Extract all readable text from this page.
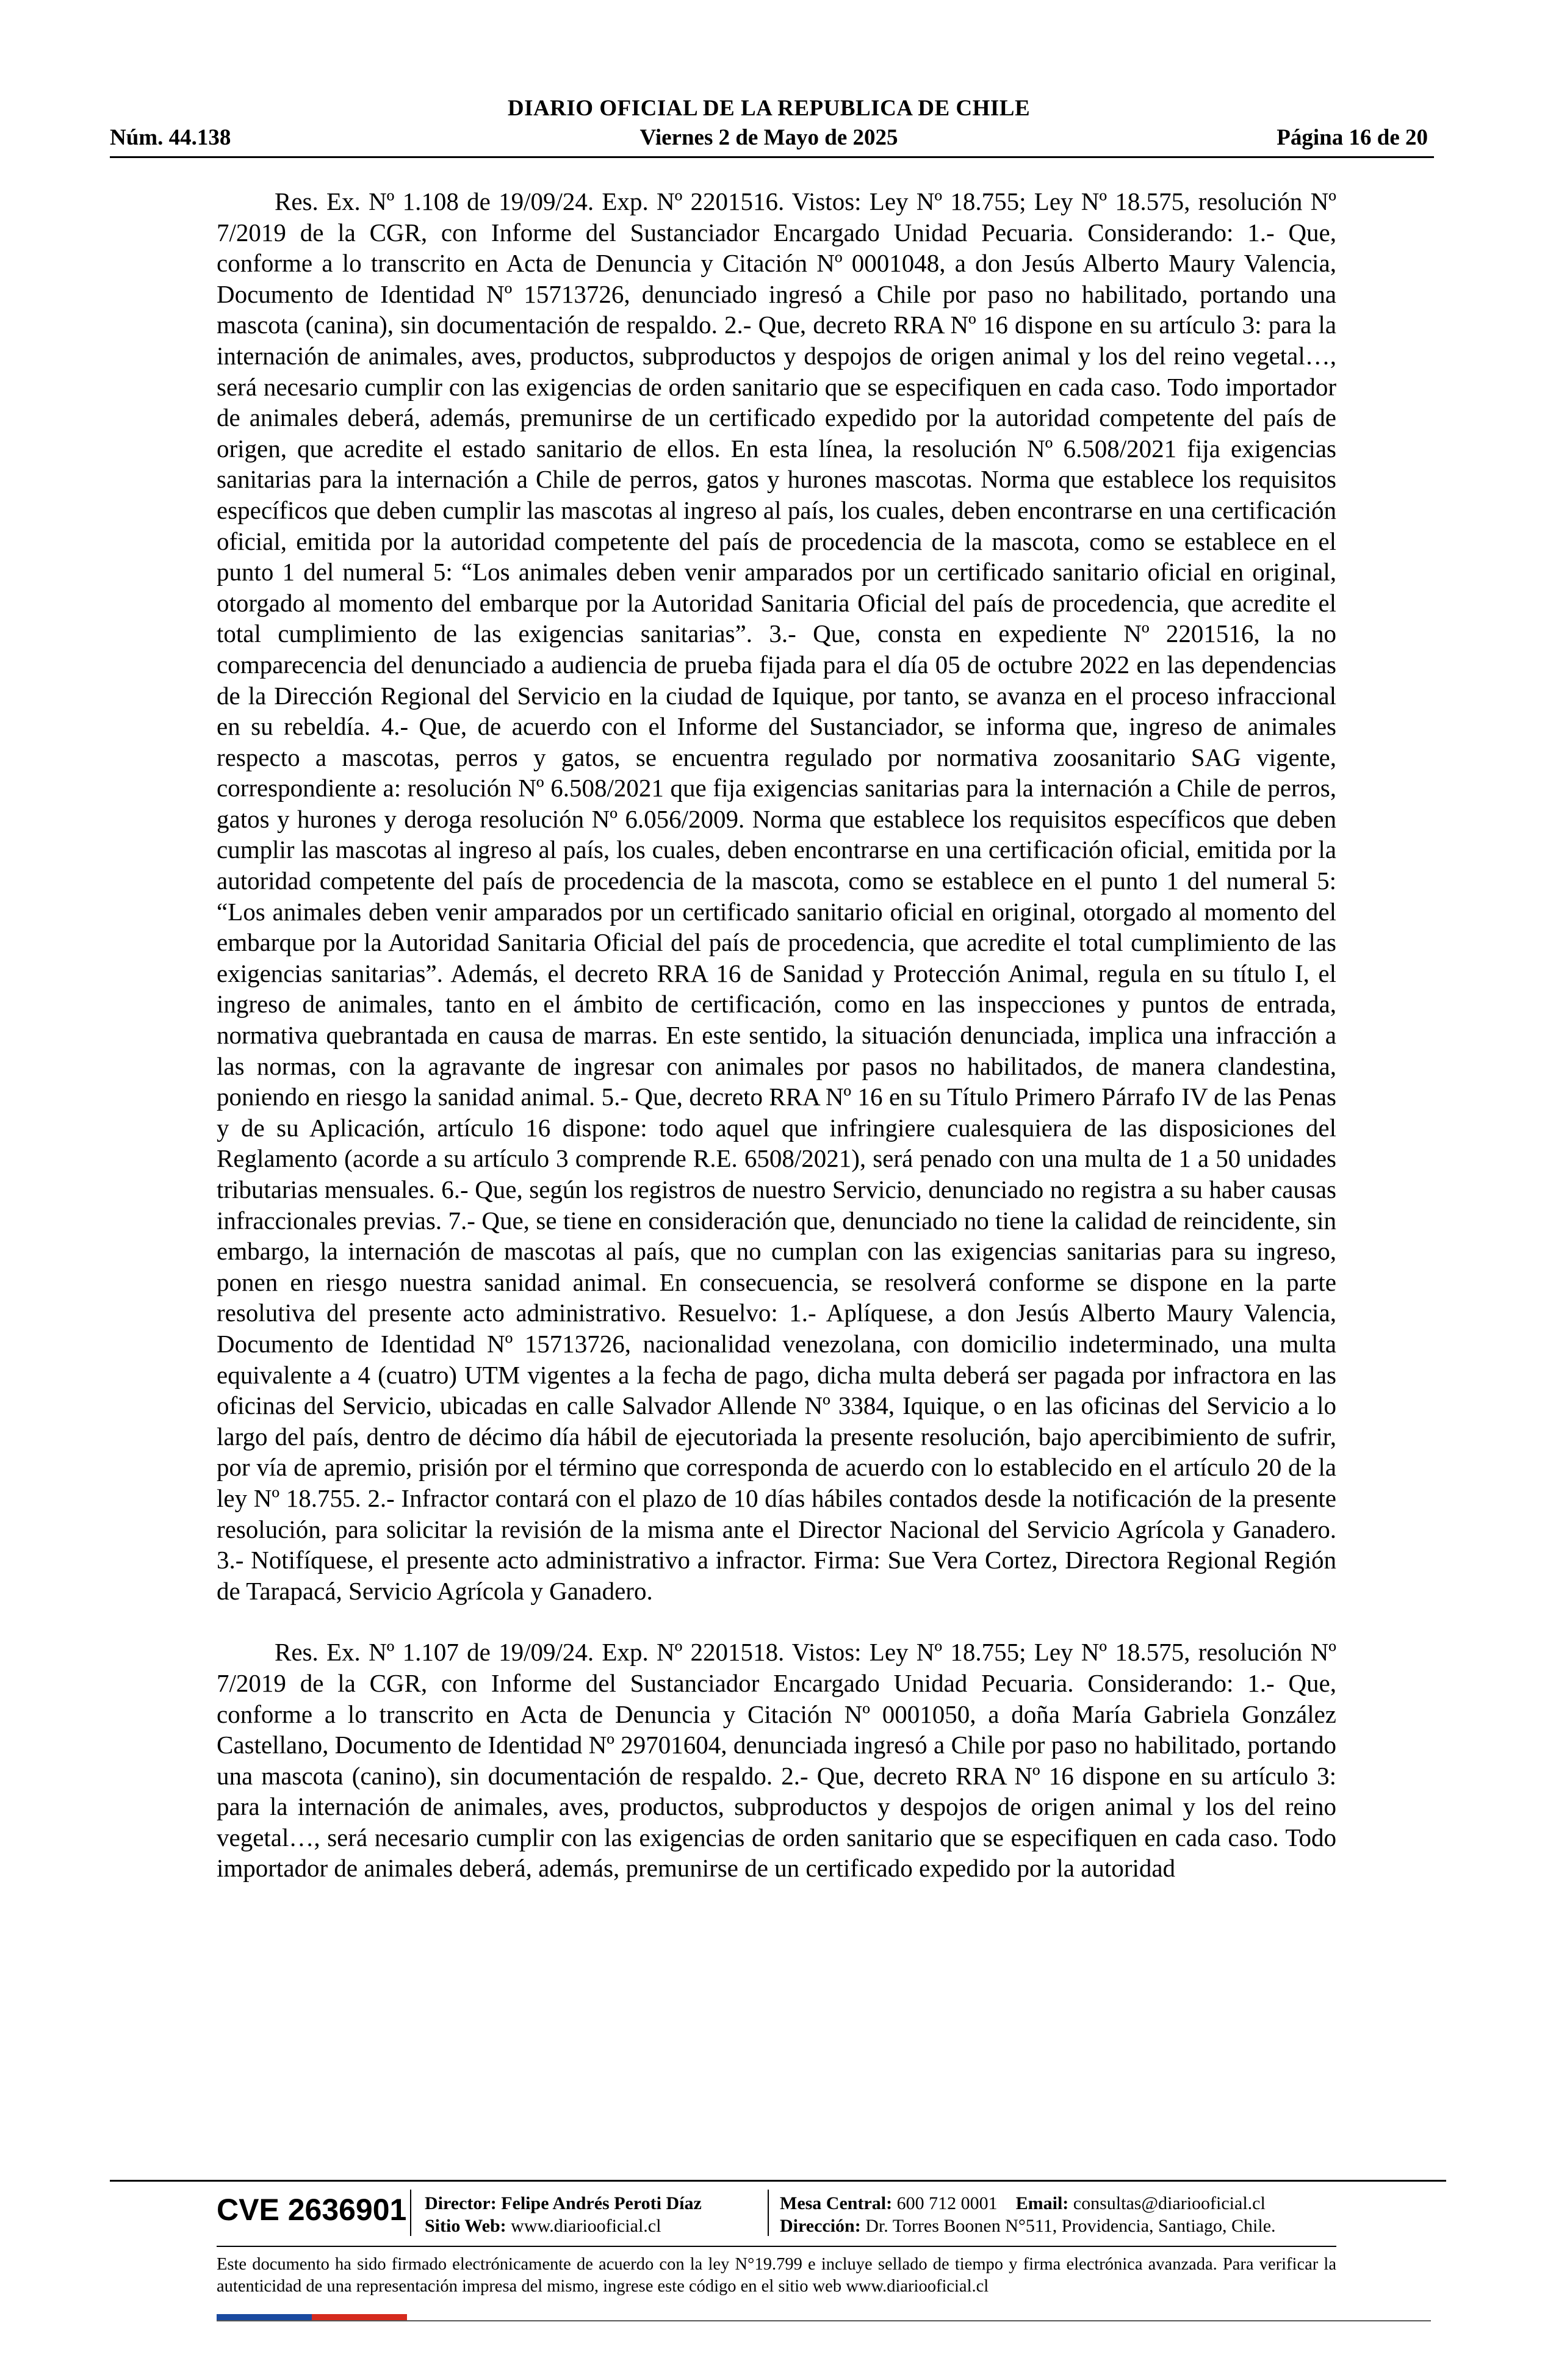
DIARIO OFICIAL DE LA REPUBLICA DE CHILE
Núm. 44.138	Viernes 2 de Mayo de 2025	Página 16 de 20

Res. Ex. Nº 1.108 de 19/09/24. Exp. Nº 2201516. Vistos: Ley Nº 18.755; Ley Nº 18.575, resolución Nº 7/2019 de la CGR, con Informe del Sustanciador Encargado Unidad Pecuaria. Considerando: 1.- Que, conforme a lo transcrito en Acta de Denuncia y Citación Nº 0001048, a don Jesús Alberto Maury Valencia, Documento de Identidad Nº 15713726, denunciado ingresó a Chile por paso no habilitado, portando una mascota (canina), sin documentación de respaldo. 2.- Que, decreto RRA Nº 16 dispone en su artículo 3: para la internación de animales, aves, productos, subproductos y despojos de origen animal y los del reino vegetal…, será necesario cumplir con las exigencias de orden sanitario que se especifiquen en cada caso. Todo importador de animales deberá, además, premunirse de un certificado expedido por la autoridad competente del país de origen, que acredite el estado sanitario de ellos. En esta línea, la resolución Nº 6.508/2021 fija exigencias sanitarias para la internación a Chile de perros, gatos y hurones mascotas. Norma que establece los requisitos específicos que deben cumplir las mascotas al ingreso al país, los cuales, deben encontrarse en una certificación oficial, emitida por la autoridad competente del país de procedencia de la mascota, como se establece en el punto 1 del numeral 5: “Los animales deben venir amparados por un certificado sanitario oficial en original, otorgado al momento del embarque por la Autoridad Sanitaria Oficial del país de procedencia, que acredite el total cumplimiento de las exigencias sanitarias”. 3.- Que, consta en expediente Nº 2201516, la no comparecencia del denunciado a audiencia de prueba fijada para el día 05 de octubre 2022 en las dependencias de la Dirección Regional del Servicio en la ciudad de Iquique, por tanto, se avanza en el proceso infraccional en su rebeldía. 4.- Que, de acuerdo con el Informe del Sustanciador, se informa que, ingreso de animales respecto a mascotas, perros y gatos, se encuentra regulado por normativa zoosanitario SAG vigente, correspondiente a: resolución Nº 6.508/2021 que fija exigencias sanitarias para la internación a Chile de perros, gatos y hurones y deroga resolución Nº 6.056/2009. Norma que establece los requisitos específicos que deben cumplir las mascotas al ingreso al país, los cuales, deben encontrarse en una certificación oficial, emitida por la autoridad competente del país de procedencia de la mascota, como se establece en el punto 1 del numeral 5: “Los animales deben venir amparados por un certificado sanitario oficial en original, otorgado al momento del embarque por la Autoridad Sanitaria Oficial del país de procedencia, que acredite el total cumplimiento de las exigencias sanitarias”. Además, el decreto RRA 16 de Sanidad y Protección Animal, regula en su título I, el ingreso de animales, tanto en el ámbito de certificación, como en las inspecciones y puntos de entrada, normativa quebrantada en causa de marras. En este sentido, la situación denunciada, implica una infracción a las normas, con la agravante de ingresar con animales por pasos no habilitados, de manera clandestina, poniendo en riesgo la sanidad animal. 5.- Que, decreto RRA Nº 16 en su Título Primero Párrafo IV de las Penas y de su Aplicación, artículo 16 dispone: todo aquel que infringiere cualesquiera de las disposiciones del Reglamento (acorde a su artículo 3 comprende R.E. 6508/2021), será penado con una multa de 1 a 50 unidades tributarias mensuales. 6.- Que, según los registros de nuestro Servicio, denunciado no registra a su haber causas infraccionales previas. 7.- Que, se tiene en consideración que, denunciado no tiene la calidad de reincidente, sin embargo, la internación de mascotas al país, que no cumplan con las exigencias sanitarias para su ingreso, ponen en riesgo nuestra sanidad animal. En consecuencia, se resolverá conforme se dispone en la parte resolutiva del presente acto administrativo. Resuelvo: 1.- Aplíquese, a don Jesús Alberto Maury Valencia, Documento de Identidad Nº 15713726, nacionalidad venezolana, con domicilio indeterminado, una multa equivalente a 4 (cuatro) UTM vigentes a la fecha de pago, dicha multa deberá ser pagada por infractora en las oficinas del Servicio, ubicadas en calle Salvador Allende Nº 3384, Iquique, o en las oficinas del Servicio a lo largo del país, dentro de décimo día hábil de ejecutoriada la presente resolución, bajo apercibimiento de sufrir, por vía de apremio, prisión por el término que corresponda de acuerdo con lo establecido en el artículo 20 de la ley Nº 18.755. 2.- Infractor contará con el plazo de 10 días hábiles contados desde la notificación de la presente resolución, para solicitar la revisión de la misma ante el Director Nacional del Servicio Agrícola y Ganadero. 3.- Notifíquese, el presente acto administrativo a infractor. Firma: Sue Vera Cortez, Directora Regional Región de Tarapacá, Servicio Agrícola y Ganadero.

Res. Ex. Nº 1.107 de 19/09/24. Exp. Nº 2201518. Vistos: Ley Nº 18.755; Ley Nº 18.575, resolución Nº 7/2019 de la CGR, con Informe del Sustanciador Encargado Unidad Pecuaria. Considerando: 1.- Que, conforme a lo transcrito en Acta de Denuncia y Citación Nº 0001050, a doña María Gabriela González Castellano, Documento de Identidad Nº 29701604, denunciada ingresó a Chile por paso no habilitado, portando una mascota (canino), sin documentación de respaldo. 2.- Que, decreto RRA Nº 16 dispone en su artículo 3: para la internación de animales, aves, productos, subproductos y despojos de origen animal y los del reino vegetal…, será necesario cumplir con las exigencias de orden sanitario que se especifiquen en cada caso. Todo importador de animales deberá, además, premunirse de un certificado expedido por la autoridad

CVE 2636901 Director: Felipe Andrés Peroti Díaz
Sitio Web: www.diariooficial.cl
Mesa Central: 600 712 0001 Email: consultas@diariooficial.cl
Dirección: Dr. Torres Boonen N°511, Providencia, Santiago, Chile.
Este documento ha sido firmado electrónicamente de acuerdo con la ley N°19.799 e incluye sellado de tiempo y firma electrónica avanzada. Para verificar la autenticidad de una representación impresa del mismo, ingrese este código en el sitio web www.diariooficial.cl
